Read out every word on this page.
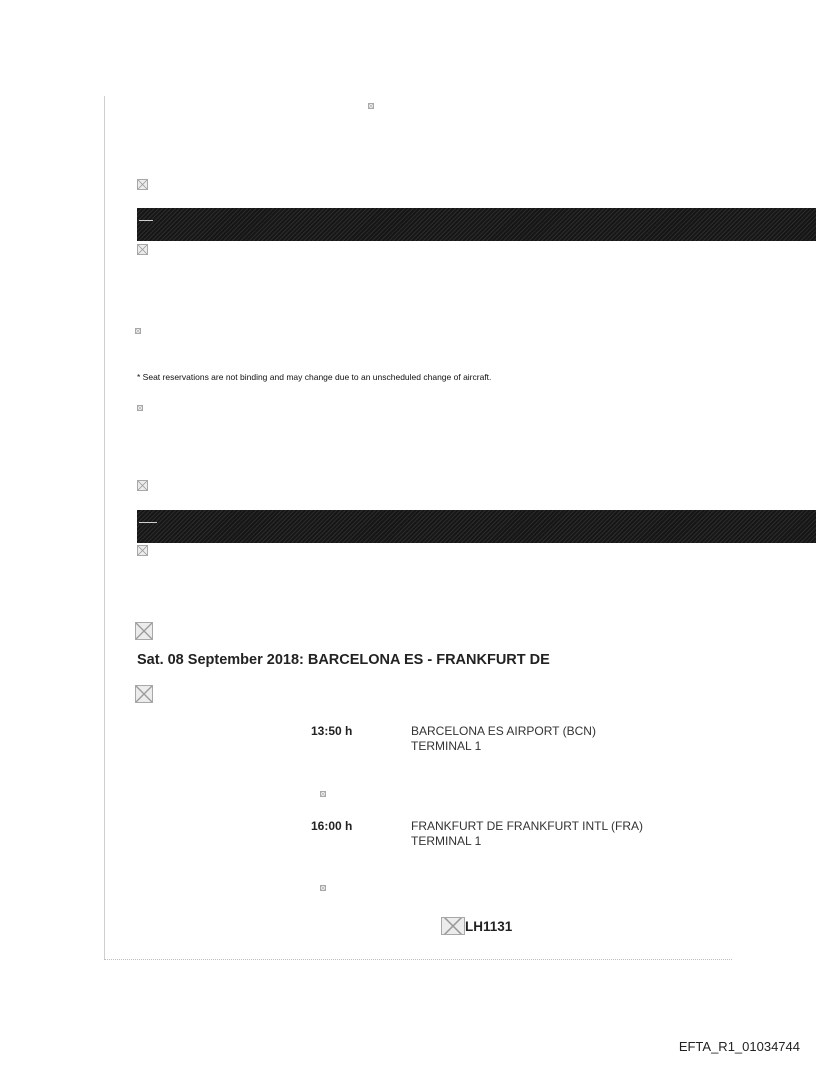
* Seat reservations are not binding and may change due to an unscheduled change of aircraft.
Sat. 08 September 2018: BARCELONA ES - FRANKFURT DE
13:50 h	BARCELONA ES AIRPORT (BCN)
TERMINAL 1
16:00 h	FRANKFURT DE FRANKFURT INTL (FRA)
TERMINAL 1
LH1131
EFTA_R1_01034744
